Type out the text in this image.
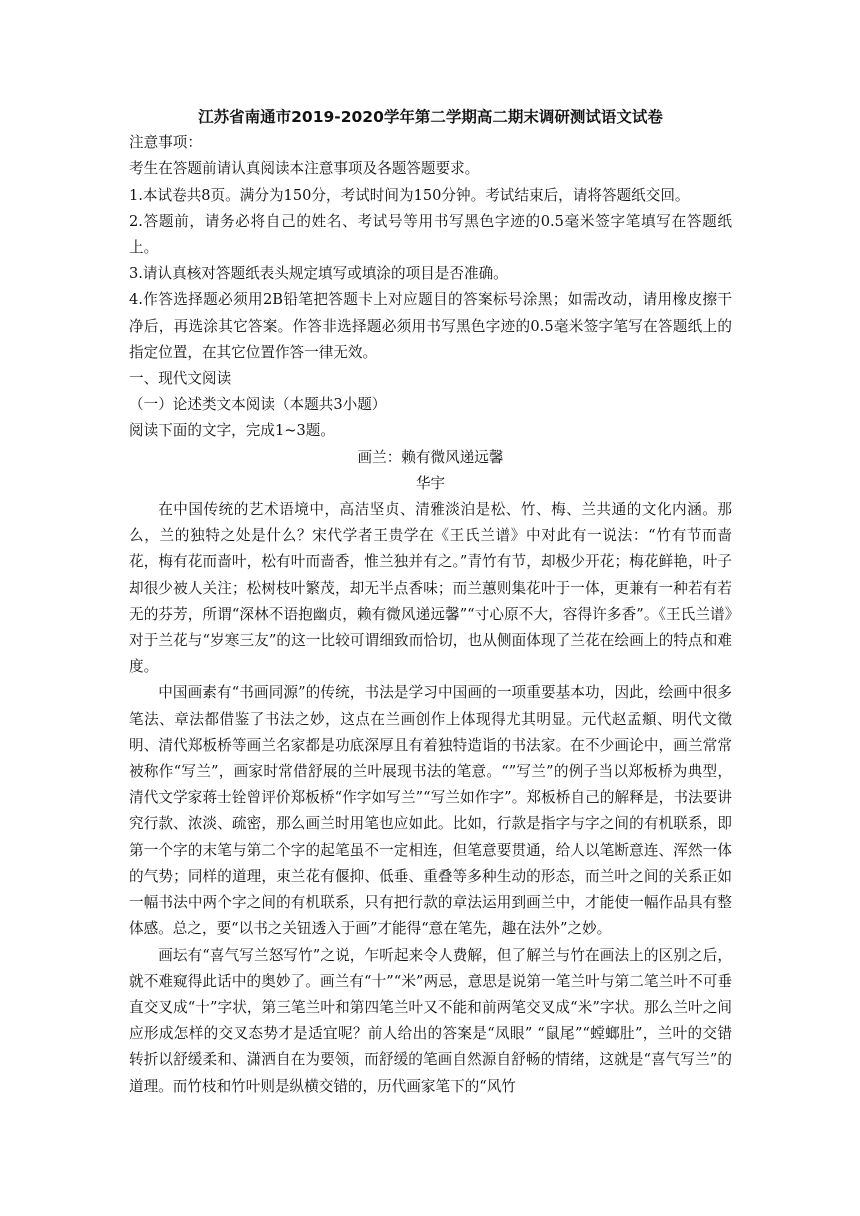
江苏省南通市2019-2020学年第二学期高二期末调研测试语文试卷

注意事项：

考生在答题前请认真阅读本注意事项及各题答题要求。

1.本试卷共8页。满分为150分，考试时间为150分钟。考试结束后，请将答题纸交回。

2.答题前，请务必将自己的姓名、考试号等用书写黑色字迹的0.5毫米签字笔填写在答题纸上。

3.请认真核对答题纸表头规定填写或填涂的项目是否准确。

4.作答选择题必须用2B铅笔把答题卡上对应题目的答案标号涂黑；如需改动，请用橡皮擦干净后，再选涂其它答案。作答非选择题必须用书写黑色字迹的0.5毫米签字笔写在答题纸上的指定位置，在其它位置作答一律无效。

一、现代文阅读

（一）论述类文本阅读（本题共3小题）

阅读下面的文字，完成1~3题。

画兰：赖有微风递远馨

华宇

在中国传统的艺术语境中，高洁坚贞、清雅淡泊是松、竹、梅、兰共通的文化内涵。那么，兰的独特之处是什么？宋代学者王贵学在《王氏兰谱》中对此有一说法：“竹有节而啬花，梅有花而啬叶，松有叶而啬香，惟兰独并有之。”青竹有节，却极少开花；梅花鲜艳，叶子却很少被人关注；松树枝叶繁茂，却无半点香味；而兰蕙则集花叶于一体，更兼有一种若有若无的芬芳，所谓“深林不语抱幽贞，赖有微风递远馨”“寸心原不大，容得许多香”。《王氏兰谱》对于兰花与“岁寒三友”的这一比较可谓细致而恰切，也从侧面体现了兰花在绘画上的特点和难度。

中国画素有“书画同源”的传统，书法是学习中国画的一项重要基本功，因此，绘画中很多笔法、章法都借鉴了书法之妙，这点在兰画创作上体现得尤其明显。元代赵孟頫、明代文徵明、清代郑板桥等画兰名家都是功底深厚且有着独特造诣的书法家。在不少画论中，画兰常常被称作“写兰”，画家时常借舒展的兰叶展现书法的笔意。“”写兰”的例子当以郑板桥为典型，清代文学家蒋士铨曾评价郑板桥“作字如写兰”“写兰如作字”。郑板桥自己的解释是，书法要讲究行款、浓淡、疏密，那么画兰时用笔也应如此。比如，行款是指字与字之间的有机联系，即第一个字的末笔与第二个字的起笔虽不一定相连，但笔意要贯通，给人以笔断意连、浑然一体的气势；同样的道理，束兰花有偃抑、低垂、重叠等多种生动的形态，而兰叶之间的关系正如一幅书法中两个字之间的有机联系，只有把行款的章法运用到画兰中，才能使一幅作品具有整体感。总之，要“以书之关钮透入于画”才能得“意在笔先，趣在法外”之妙。

画坛有“喜气写兰怒写竹”之说，乍听起来令人费解，但了解兰与竹在画法上的区别之后，就不难窥得此话中的奥妙了。画兰有“十”“米”两忌，意思是说第一笔兰叶与第二笔兰叶不可垂直交叉成“十”字状，第三笔兰叶和第四笔兰叶又不能和前两笔交叉成“米”字状。那么兰叶之间应形成怎样的交叉态势才是适宜呢？前人给出的答案是“凤眼” “鼠尾”“螳螂肚”，兰叶的交错转折以舒缓柔和、潇洒自在为要领，而舒缓的笔画自然源自舒畅的情绪，这就是“喜气写兰”的道理。而竹枝和竹叶则是纵横交错的，历代画家笔下的“风竹
